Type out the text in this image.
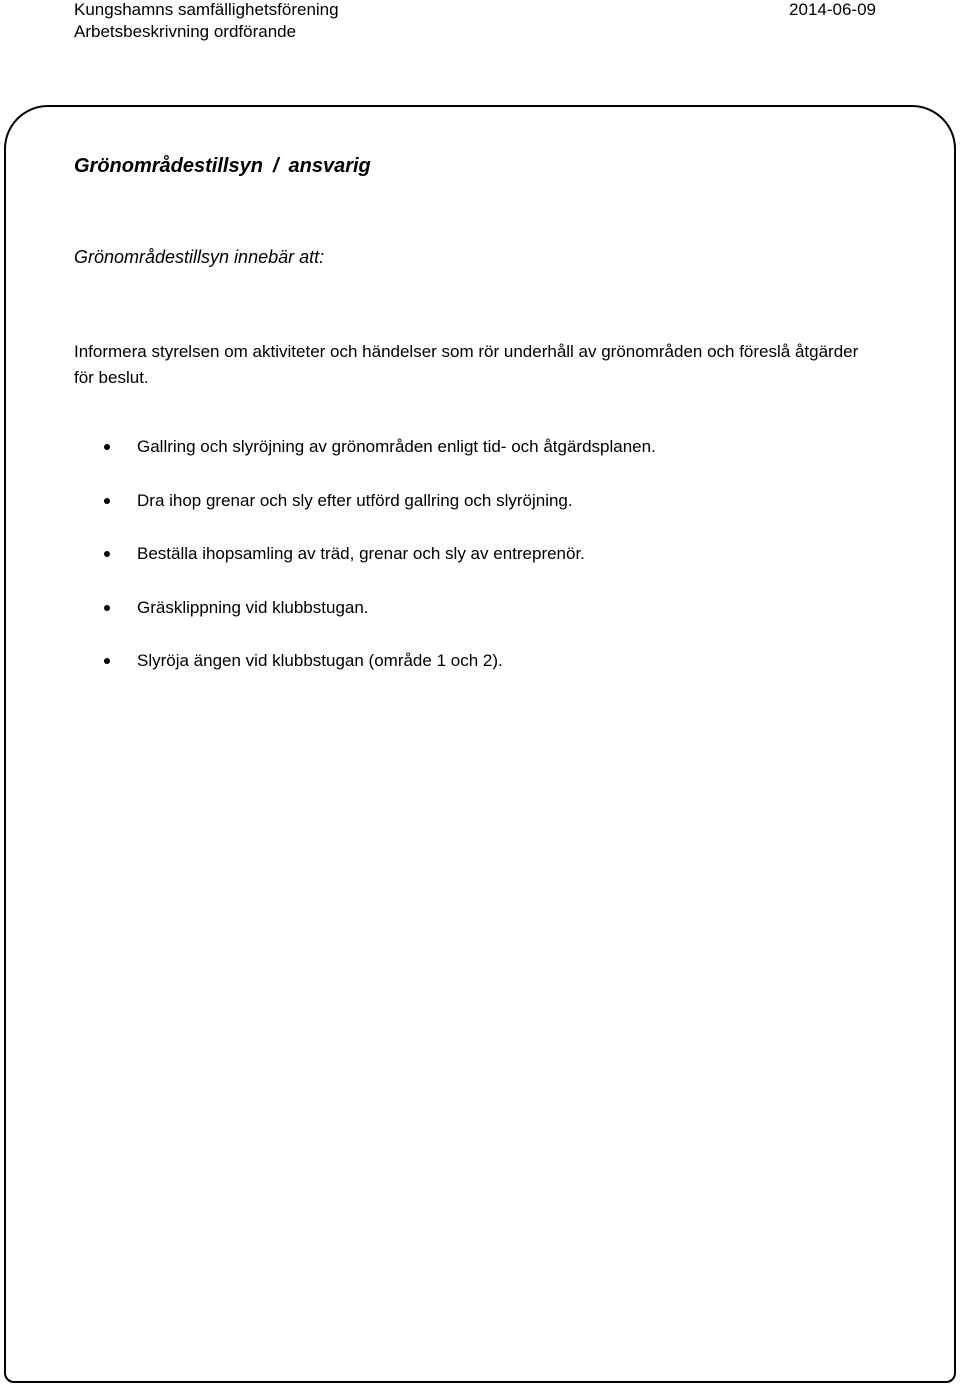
Kungshamns samfällighetsförening
Arbetsbeskrivning ordförande
2014-06-09
Grönområdestillsyn / ansvarig
Grönområdestillsyn innebär att:
Informera styrelsen om aktiviteter och händelser som rör underhåll av grönområden och föreslå åtgärder för beslut.
Gallring och slyröjning av grönområden enligt tid- och åtgärdsplanen.
Dra ihop grenar och sly efter utförd gallring och slyröjning.
Beställa ihopsamling av träd, grenar och sly av entreprenör.
Gräsklippning vid klubbstugan.
Slyröja ängen vid klubbstugan (område 1 och 2).
